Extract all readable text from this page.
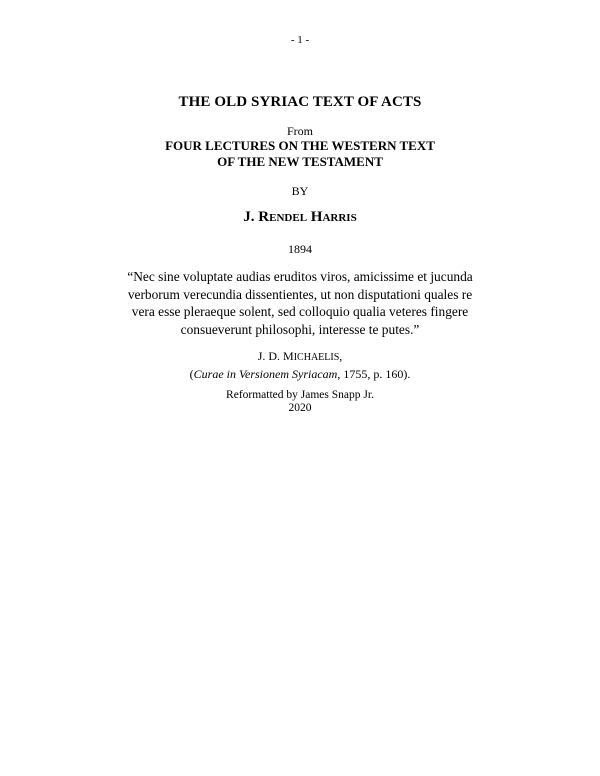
- 1 -
THE OLD SYRIAC TEXT OF ACTS
From
FOUR LECTURES ON THE WESTERN TEXT
OF THE NEW TESTAMENT
BY
J. RENDEL HARRIS
1894
“Nec sine voluptate audias eruditos viros, amicissime et jucunda verborum verecundia dissentientes, ut non disputationi quales re vera esse pleraeque solent, sed colloquio qualia veteres fingere consueverunt philosophi, interesse te putes.”
J. D. MICHAELIS,
(Curae in Versionem Syriacam, 1755, p. 160).
Reformatted by James Snapp Jr.
2020
